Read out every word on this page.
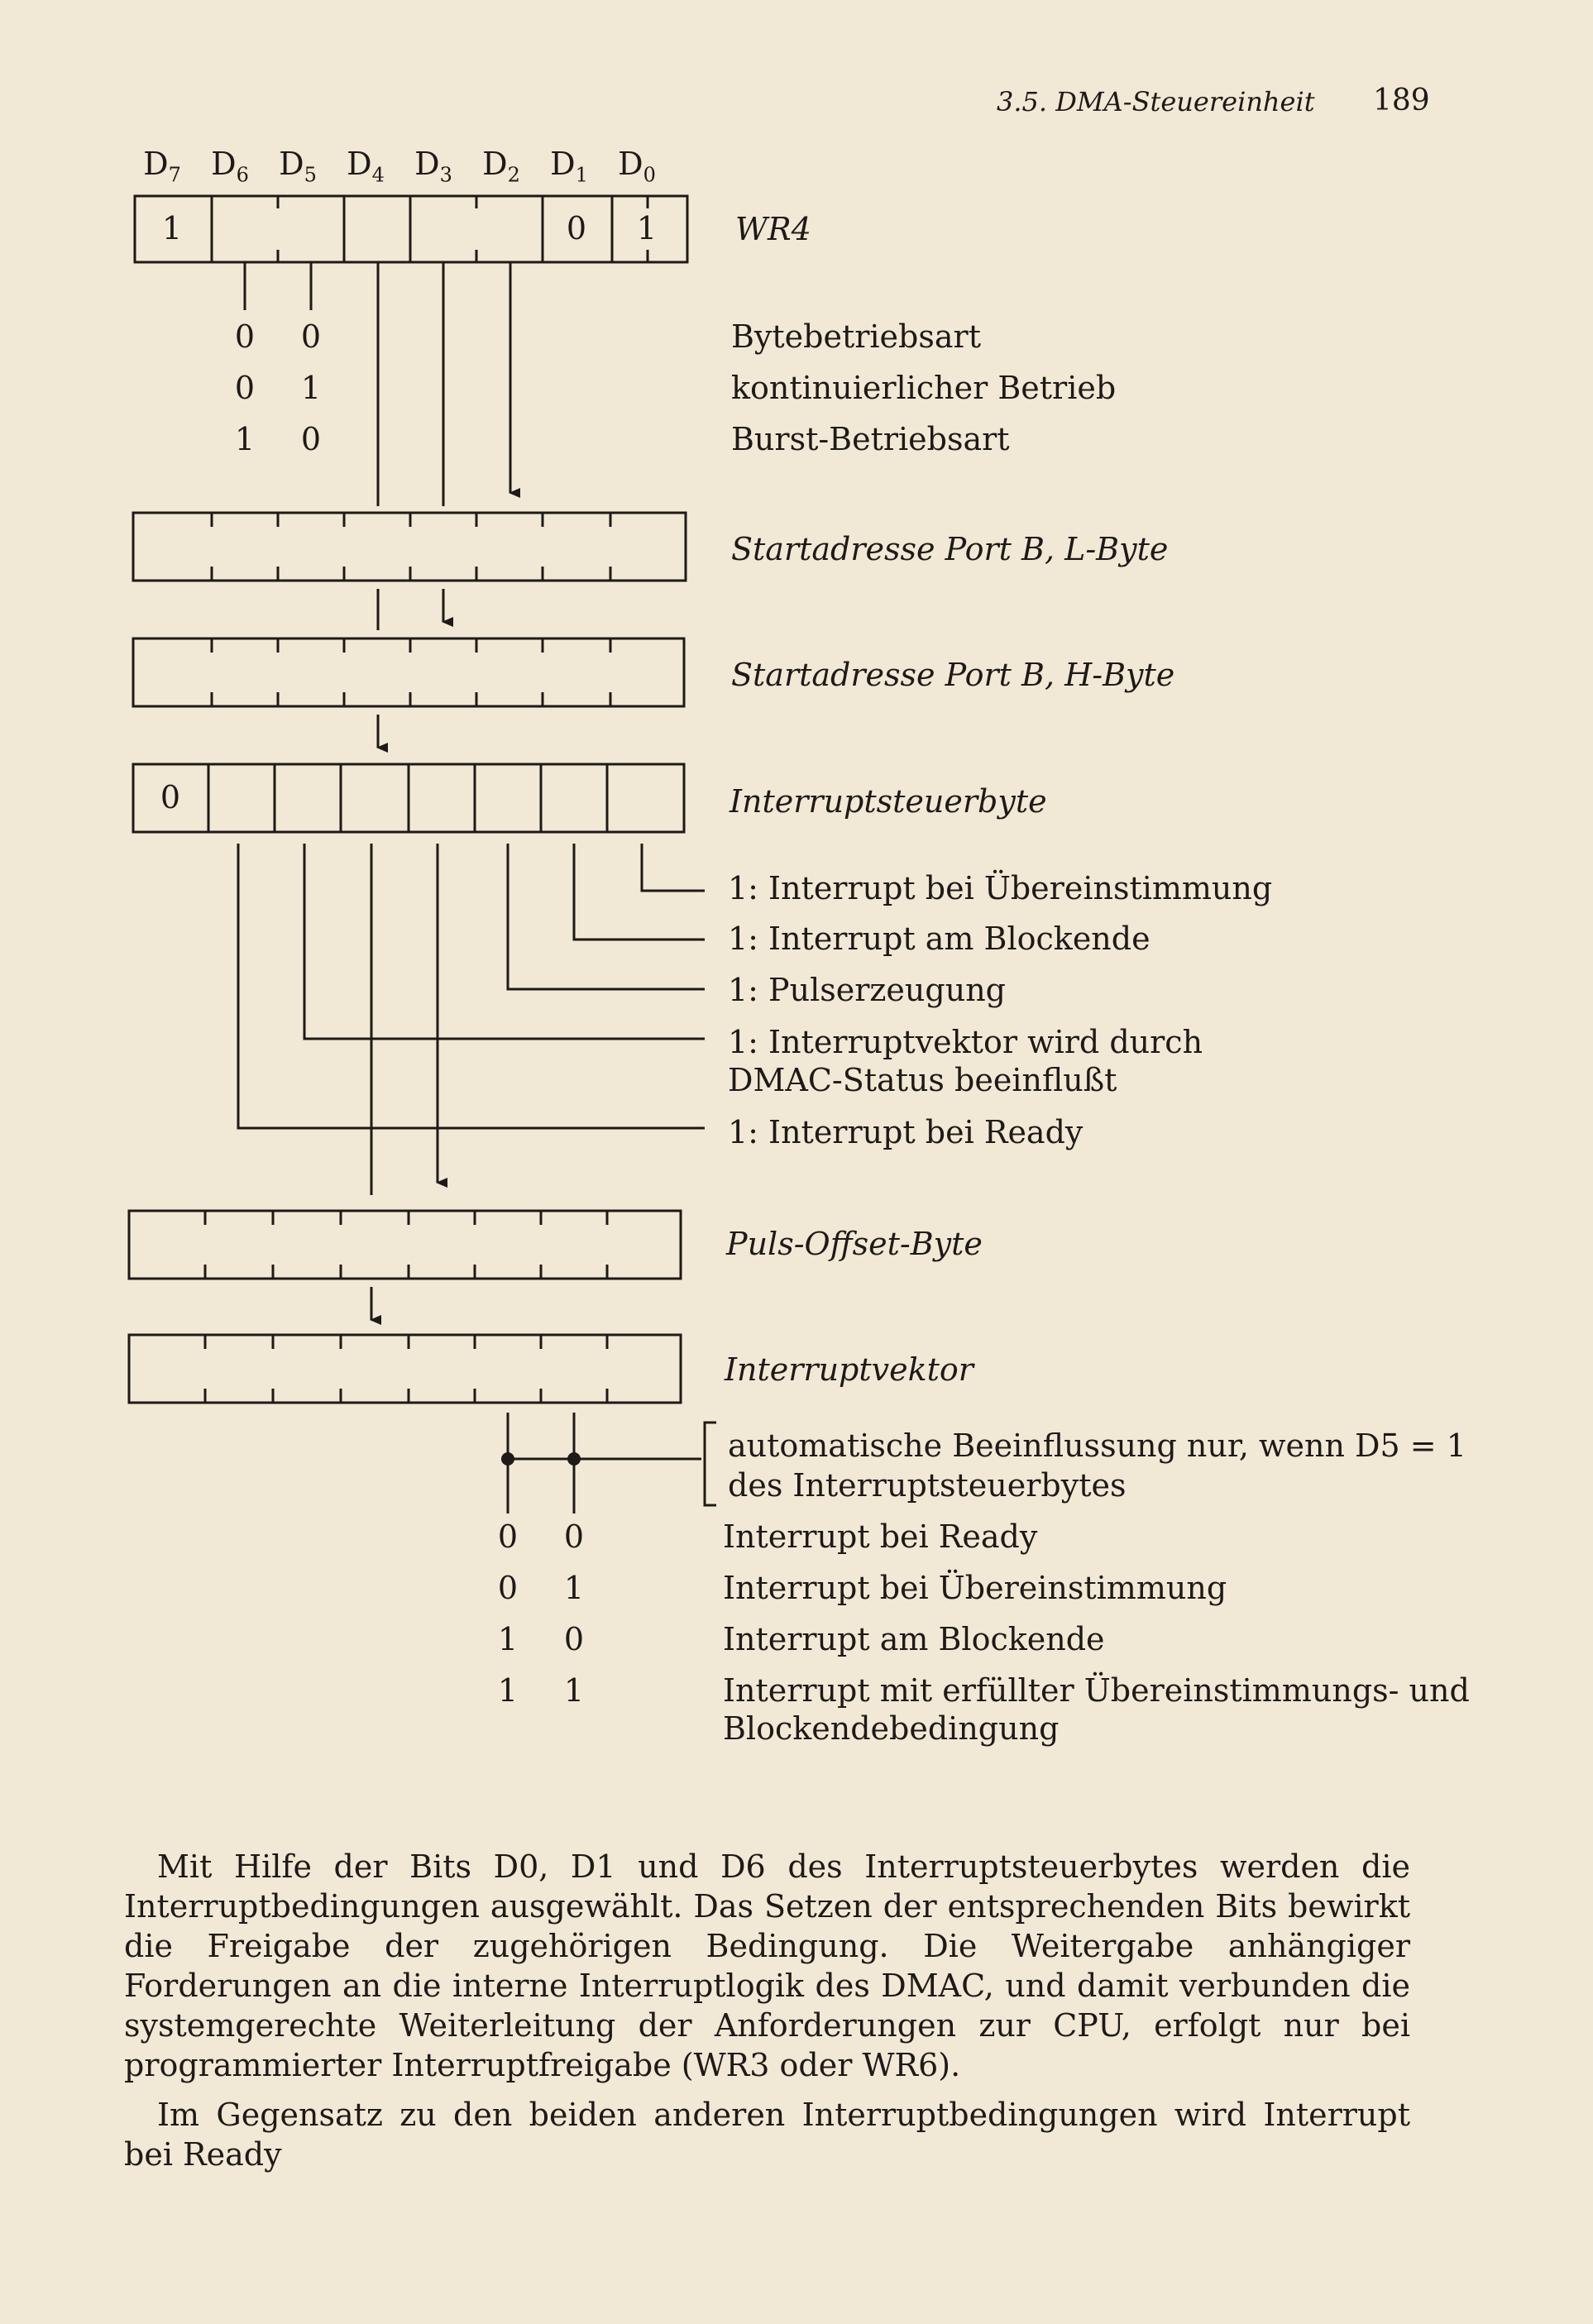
3.5. DMA-Steuereinheit 189
$D_7$ $D_6$ $D_5$ $D_4$ $D_3$ $D_2$ $D_1$ $D_0$
1	0	1	WR4
0 0	Bytebetriebsart
0 1	kontinuierlicher Betrieb
1 0	Burst-Betriebsart
Startadresse Port B, L-Byte
Startadresse Port B, H-Byte
0	Interruptsteuerbyte
1: Interrupt bei Übereinstimmung
1: Interrupt am Blockende
1: Pulserzeugung
1: Interruptvektor wird durch
DMAC-Status beeinflußt
1: Interrupt bei Ready
Puls-Offset-Byte
Interruptvektor
automatische Beeinflussung nur, wenn D5 = 1
des Interruptsteuerbytes
0 0	Interrupt bei Ready
0 1	Interrupt bei Übereinstimmung
1 0	Interrupt am Blockende
1 1	Interrupt mit erfüllter Übereinstimmungs- und
Blockendebedingung
Mit Hilfe der Bits D0, D1 und D6 des Interruptsteuerbytes werden die Interruptbedingungen ausgewählt. Das Setzen der entsprechenden Bits bewirkt die Freigabe der zugehörigen Bedingung. Die Weitergabe anhängiger Forderungen an die interne Interruptlogik des DMAC, und damit verbunden die systemgerechte Weiterleitung der Anforderungen zur CPU, erfolgt nur bei programmierter Interruptfreigabe (WR3 oder WR6).
Im Gegensatz zu den beiden anderen Interruptbedingungen wird Interrupt bei Ready
